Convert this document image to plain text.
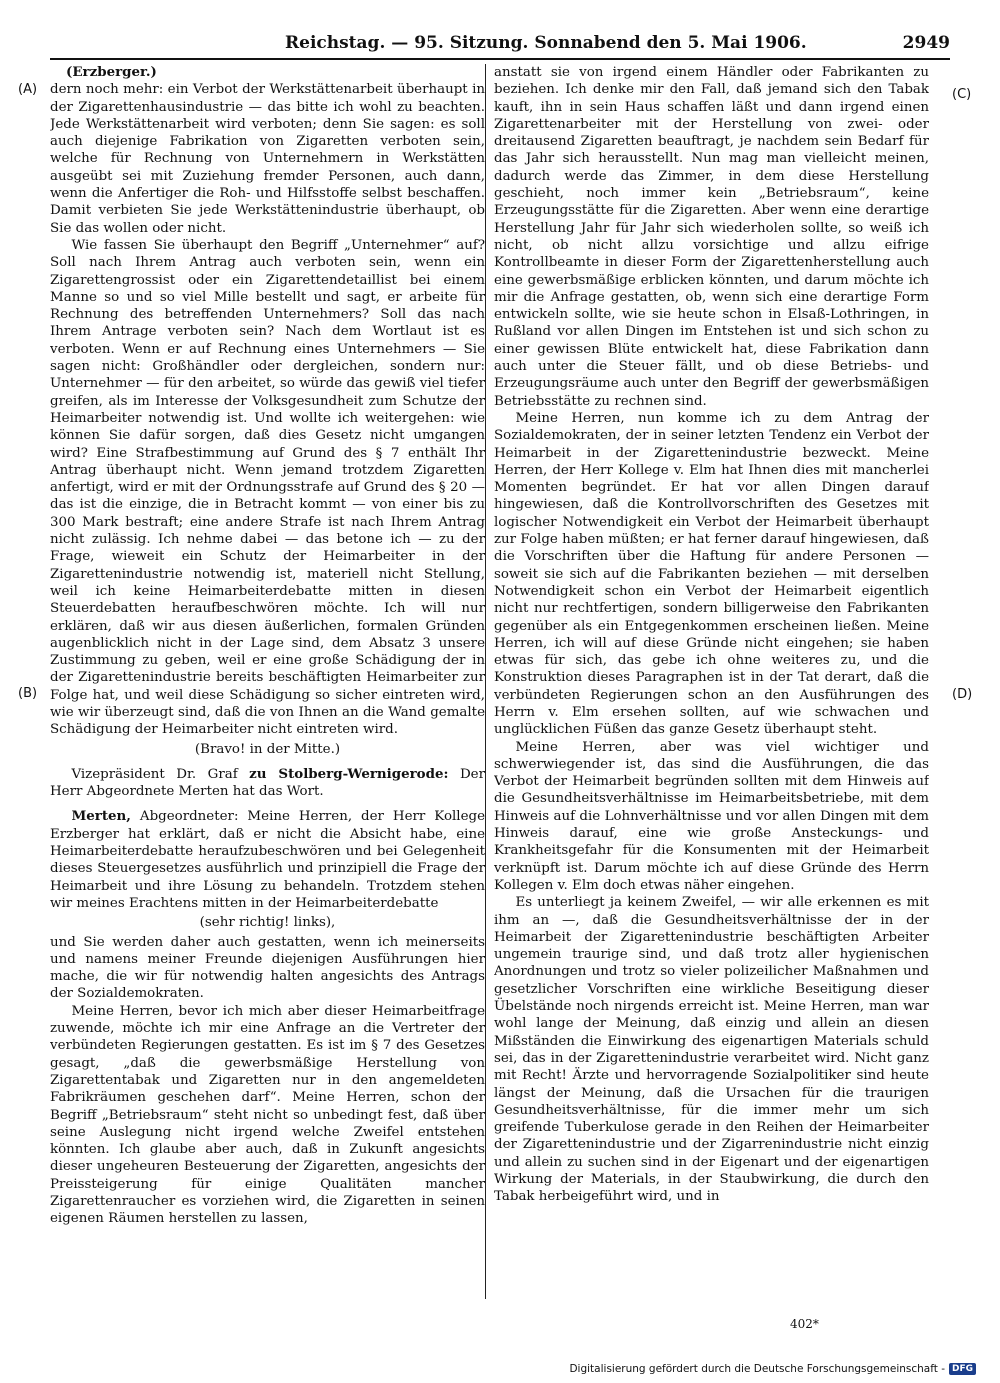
Reichstag. — 95. Sitzung. Sonnabend den 5. Mai 1906.	2949
(A)
(B)
(C)
(D)

(Erzberger.)

dern noch mehr: ein Verbot der Werkstättenarbeit überhaupt in der Zigarettenhausindustrie — das bitte ich wohl zu beachten. Jede Werkstättenarbeit wird verboten; denn Sie sagen: es soll auch diejenige Fabrikation von Zigaretten verboten sein, welche für Rechnung von Unternehmern in Werkstätten ausgeübt sei mit Zuziehung fremder Personen, auch dann, wenn die Anfertiger die Roh- und Hilfsstoffe selbst beschaffen. Damit verbieten Sie jede Werkstättenindustrie überhaupt, ob Sie das wollen oder nicht.

Wie fassen Sie überhaupt den Begriff „Unternehmer“ auf? Soll nach Ihrem Antrag auch verboten sein, wenn ein Zigarettengrossist oder ein Zigarettendetaillist bei einem Manne so und so viel Mille bestellt und sagt, er arbeite für Rechnung des betreffenden Unternehmers? Soll das nach Ihrem Antrage verboten sein? Nach dem Wortlaut ist es verboten. Wenn er auf Rechnung eines Unternehmers — Sie sagen nicht: Großhändler oder dergleichen, sondern nur: Unternehmer — für den arbeitet, so würde das gewiß viel tiefer greifen, als im Interesse der Volksgesundheit zum Schutze der Heimarbeiter notwendig ist. Und wollte ich weitergehen: wie können Sie dafür sorgen, daß dies Gesetz nicht umgangen wird? Eine Strafbestimmung auf Grund des § 7 enthält Ihr Antrag überhaupt nicht. Wenn jemand trotzdem Zigaretten anfertigt, wird er mit der Ordnungsstrafe auf Grund des § 20 — das ist die einzige, die in Betracht kommt — von einer bis zu 300 Mark bestraft; eine andere Strafe ist nach Ihrem Antrag nicht zulässig. Ich nehme dabei — das betone ich — zu der Frage, wieweit ein Schutz der Heimarbeiter in der Zigarettenindustrie notwendig ist, materiell nicht Stellung, weil ich keine Heimarbeiterdebatte mitten in diesen Steuerdebatten heraufbeschwören möchte. Ich will nur erklären, daß wir aus diesen äußerlichen, formalen Gründen augenblicklich nicht in der Lage sind, dem Absatz 3 unsere Zustimmung zu geben, weil er eine große Schädigung der in der Zigarettenindustrie bereits beschäftigten Heimarbeiter zur Folge hat, und weil diese Schädigung so sicher eintreten wird, wie wir überzeugt sind, daß die von Ihnen an die Wand gemalte Schädigung der Heimarbeiter nicht eintreten wird.

(Bravo! in der Mitte.)

Vizepräsident Dr. Graf zu Stolberg-Wernigerode: Der Herr Abgeordnete Merten hat das Wort.

Merten, Abgeordneter: Meine Herren, der Herr Kollege Erzberger hat erklärt, daß er nicht die Absicht habe, eine Heimarbeiterdebatte heraufzubeschwören und bei Gelegenheit dieses Steuergesetzes ausführlich und prinzipiell die Frage der Heimarbeit und ihre Lösung zu behandeln. Trotzdem stehen wir meines Erachtens mitten in der Heimarbeiterdebatte

(sehr richtig! links),

und Sie werden daher auch gestatten, wenn ich meinerseits und namens meiner Freunde diejenigen Ausführungen hier mache, die wir für notwendig halten angesichts des Antrags der Sozialdemokraten.

Meine Herren, bevor ich mich aber dieser Heimarbeitfrage zuwende, möchte ich mir eine Anfrage an die Vertreter der verbündeten Regierungen gestatten. Es ist im § 7 des Gesetzes gesagt, „daß die gewerbsmäßige Herstellung von Zigarettentabak und Zigaretten nur in den angemeldeten Fabrikräumen geschehen darf“. Meine Herren, schon der Begriff „Betriebsraum“ steht nicht so unbedingt fest, daß über seine Auslegung nicht irgend welche Zweifel entstehen könnten. Ich glaube aber auch, daß in Zukunft angesichts dieser ungeheuren Besteuerung der Zigaretten, angesichts der Preissteigerung für einige Qualitäten mancher Zigarettenraucher es vorziehen wird, die Zigaretten in seinen eigenen Räumen herstellen zu lassen,

anstatt sie von irgend einem Händler oder Fabrikanten zu beziehen. Ich denke mir den Fall, daß jemand sich den Tabak kauft, ihn in sein Haus schaffen läßt und dann irgend einen Zigarettenarbeiter mit der Herstellung von zwei- oder dreitausend Zigaretten beauftragt, je nachdem sein Bedarf für das Jahr sich herausstellt. Nun mag man vielleicht meinen, dadurch werde das Zimmer, in dem diese Herstellung geschieht, noch immer kein „Betriebsraum“, keine Erzeugungsstätte für die Zigaretten. Aber wenn eine derartige Herstellung Jahr für Jahr sich wiederholen sollte, so weiß ich nicht, ob nicht allzu vorsichtige und allzu eifrige Kontrollbeamte in dieser Form der Zigarettenherstellung auch eine gewerbsmäßige erblicken könnten, und darum möchte ich mir die Anfrage gestatten, ob, wenn sich eine derartige Form entwickeln sollte, wie sie heute schon in Elsaß-Lothringen, in Rußland vor allen Dingen im Entstehen ist und sich schon zu einer gewissen Blüte entwickelt hat, diese Fabrikation dann auch unter die Steuer fällt, und ob diese Betriebs- und Erzeugungsräume auch unter den Begriff der gewerbsmäßigen Betriebsstätte zu rechnen sind.

Meine Herren, nun komme ich zu dem Antrag der Sozialdemokraten, der in seiner letzten Tendenz ein Verbot der Heimarbeit in der Zigarettenindustrie bezweckt. Meine Herren, der Herr Kollege v. Elm hat Ihnen dies mit mancherlei Momenten begründet. Er hat vor allen Dingen darauf hingewiesen, daß die Kontrollvorschriften des Gesetzes mit logischer Notwendigkeit ein Verbot der Heimarbeit überhaupt zur Folge haben müßten; er hat ferner darauf hingewiesen, daß die Vorschriften über die Haftung für andere Personen — soweit sie sich auf die Fabrikanten beziehen — mit derselben Notwendigkeit schon ein Verbot der Heimarbeit eigentlich nicht nur rechtfertigen, sondern billigerweise den Fabrikanten gegenüber als ein Entgegenkommen erscheinen ließen. Meine Herren, ich will auf diese Gründe nicht eingehen; sie haben etwas für sich, das gebe ich ohne weiteres zu, und die Konstruktion dieses Paragraphen ist in der Tat derart, daß die verbündeten Regierungen schon an den Ausführungen des Herrn v. Elm ersehen sollten, auf wie schwachen und unglücklichen Füßen das ganze Gesetz überhaupt steht.

Meine Herren, aber was viel wichtiger und schwerwiegender ist, das sind die Ausführungen, die das Verbot der Heimarbeit begründen sollten mit dem Hinweis auf die Gesundheitsverhältnisse im Heimarbeitsbetriebe, mit dem Hinweis auf die Lohnverhältnisse und vor allen Dingen mit dem Hinweis darauf, eine wie große Ansteckungs- und Krankheitsgefahr für die Konsumenten mit der Heimarbeit verknüpft ist. Darum möchte ich auf diese Gründe des Herrn Kollegen v. Elm doch etwas näher eingehen.

Es unterliegt ja keinem Zweifel, — wir alle erkennen es mit ihm an —, daß die Gesundheitsverhältnisse der in der Heimarbeit der Zigarettenindustrie beschäftigten Arbeiter ungemein traurige sind, und daß trotz aller hygienischen Anordnungen und trotz so vieler polizeilicher Maßnahmen und gesetzlicher Vorschriften eine wirkliche Beseitigung dieser Übelstände noch nirgends erreicht ist. Meine Herren, man war wohl lange der Meinung, daß einzig und allein an diesen Mißständen die Einwirkung des eigenartigen Materials schuld sei, das in der Zigarettenindustrie verarbeitet wird. Nicht ganz mit Recht! Ärzte und hervorragende Sozialpolitiker sind heute längst der Meinung, daß die Ursachen für die traurigen Gesundheitsverhältnisse, für die immer mehr um sich greifende Tuberkulose gerade in den Reihen der Heimarbeiter der Zigarettenindustrie und der Zigarrenindustrie nicht einzig und allein zu suchen sind in der Eigenart und der eigenartigen Wirkung der Materials, in der Staubwirkung, die durch den Tabak herbeigeführt wird, und in

402*
Digitalisierung gefördert durch die Deutsche Forschungsgemeinschaft - DFG
